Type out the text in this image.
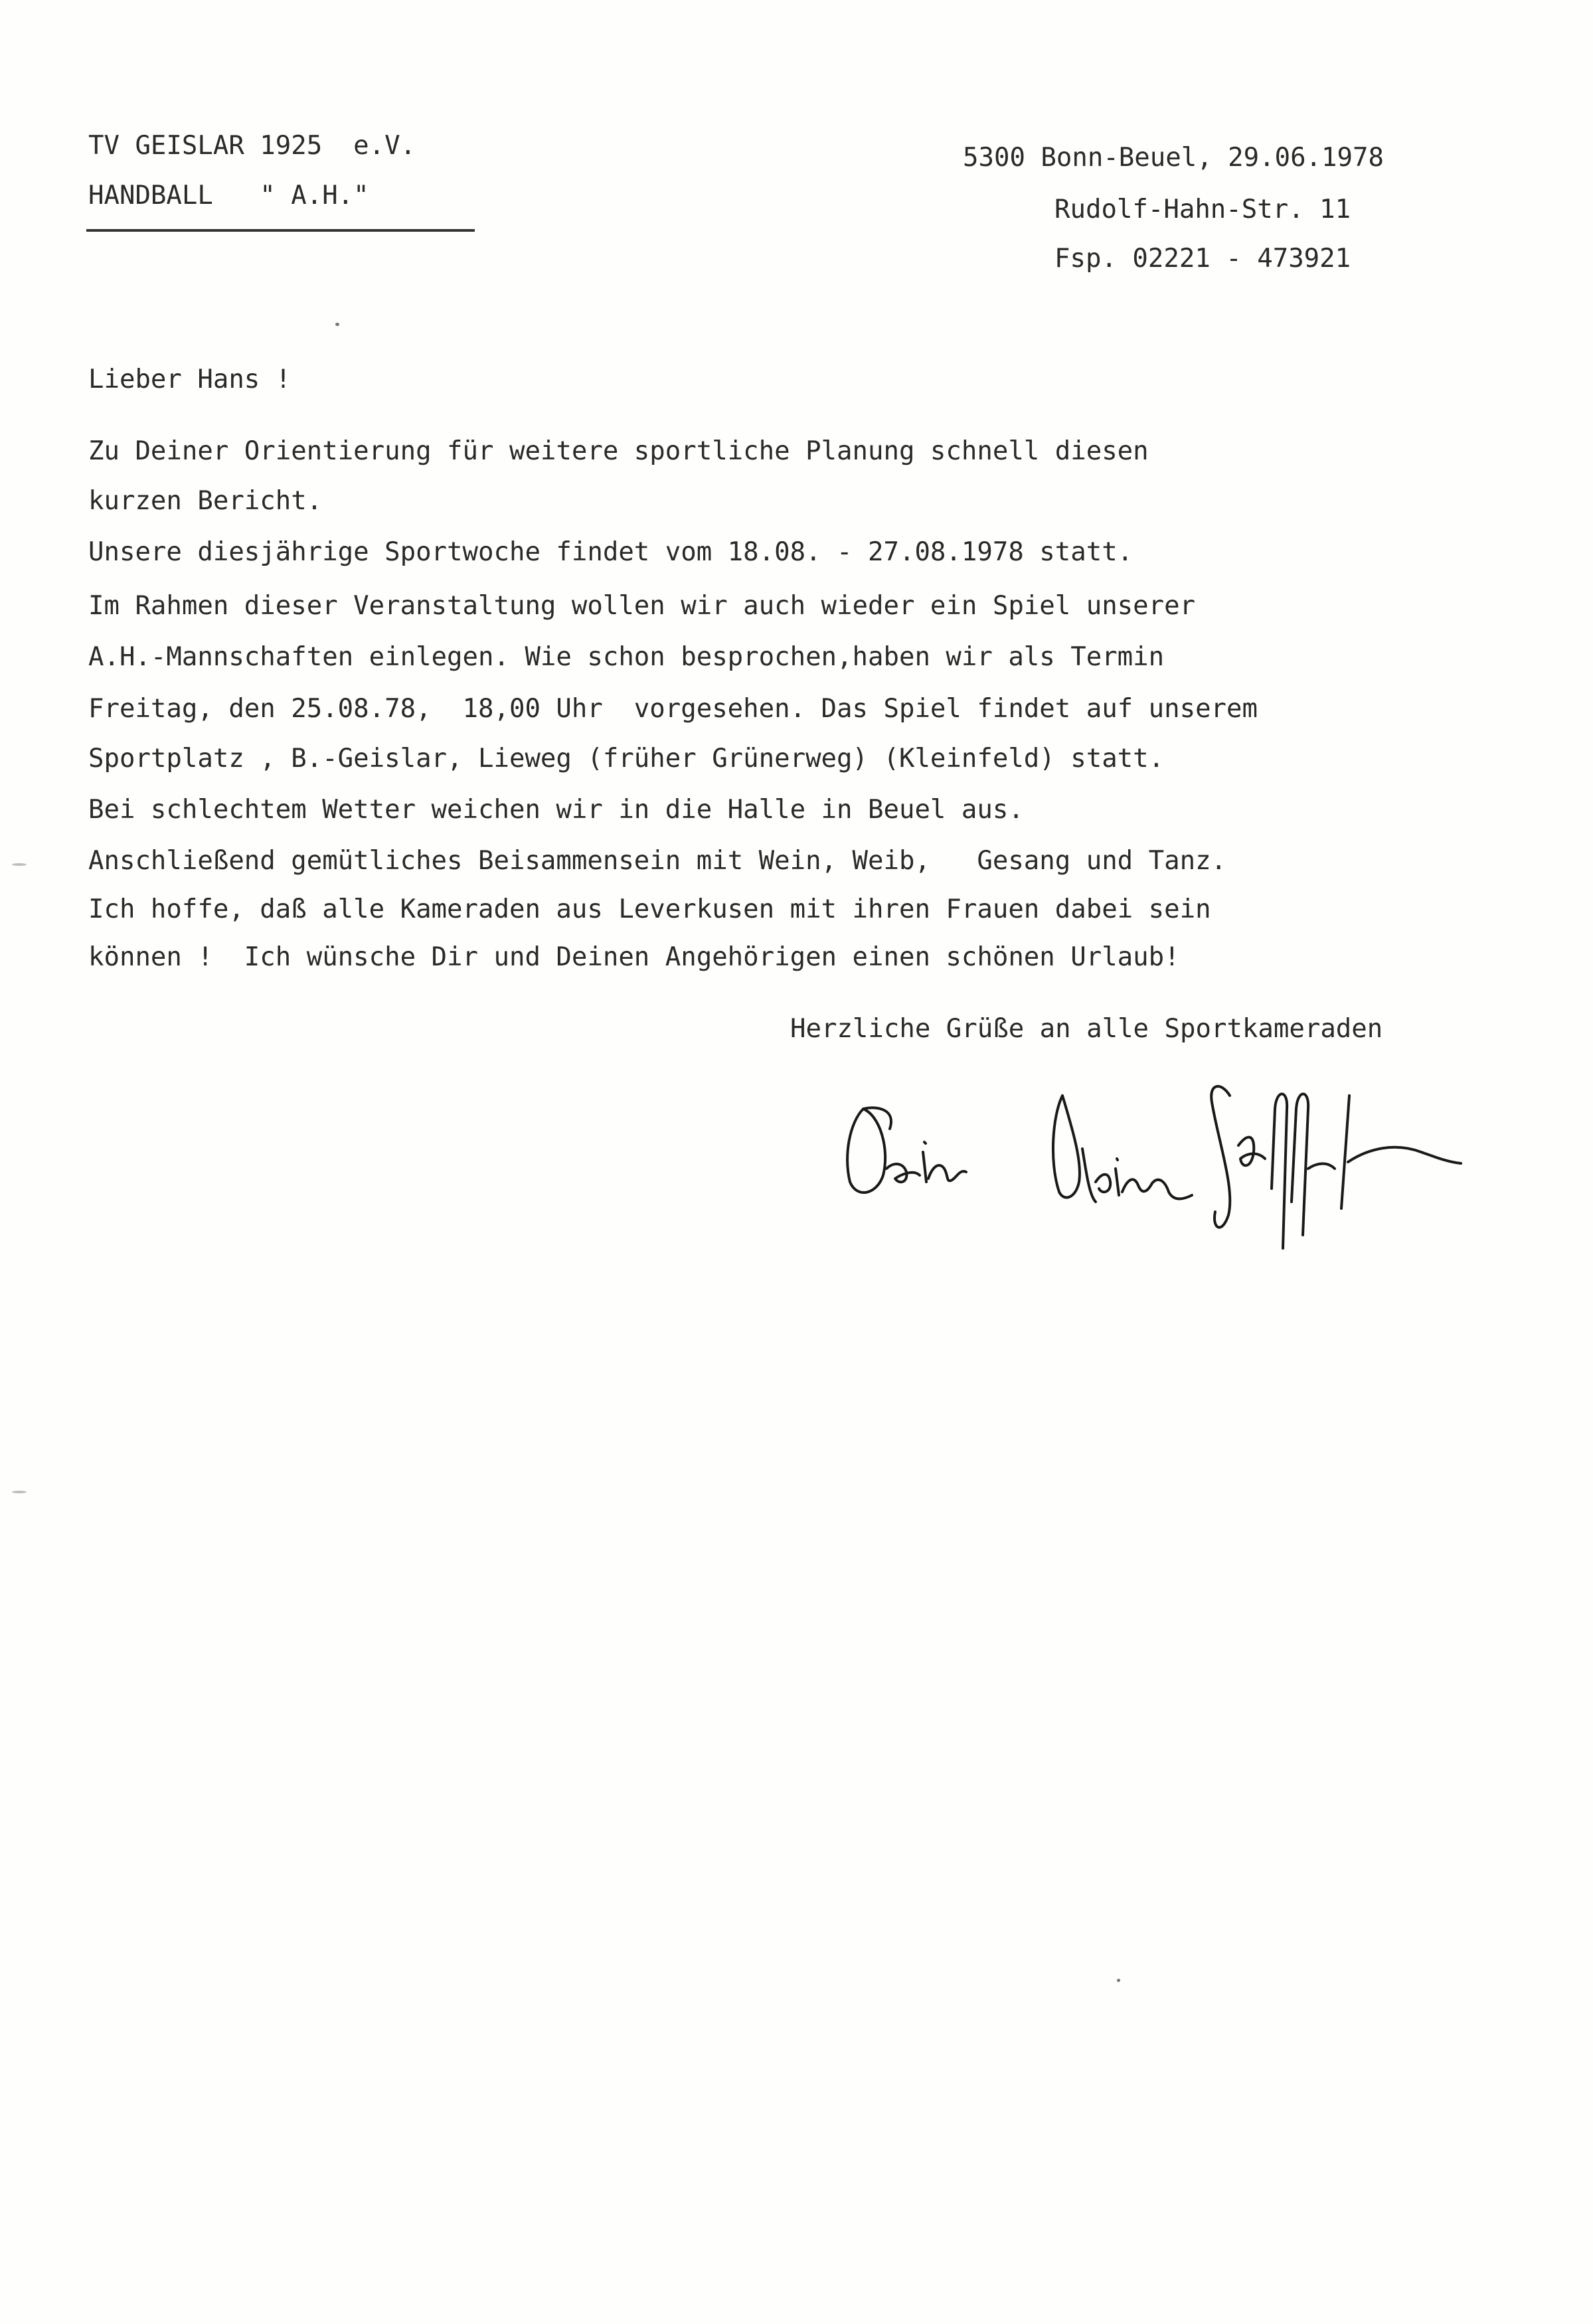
TV GEISLAR 1925  e.V.
HANDBALL   " A.H."
5300 Bonn-Beuel, 29.06.1978
Rudolf-Hahn-Str. 11
Fsp. 02221 - 473921
Lieber Hans !
Zu Deiner Orientierung für weitere sportliche Planung schnell diesen
kurzen Bericht.
Unsere diesjährige Sportwoche findet vom 18.08. - 27.08.1978 statt.
Im Rahmen dieser Veranstaltung wollen wir auch wieder ein Spiel unserer
A.H.-Mannschaften einlegen. Wie schon besprochen,haben wir als Termin
Freitag, den 25.08.78,  18,00 Uhr  vorgesehen. Das Spiel findet auf unserem
Sportplatz , B.-Geislar, Lieweg (früher Grünerweg) (Kleinfeld) statt.
Bei schlechtem Wetter weichen wir in die Halle in Beuel aus.
Anschließend gemütliches Beisammensein mit Wein, Weib,   Gesang und Tanz.
Ich hoffe, daß alle Kameraden aus Leverkusen mit ihren Frauen dabei sein
können !  Ich wünsche Dir und Deinen Angehörigen einen schönen Urlaub!
Herzliche Grüße an alle Sportkameraden
